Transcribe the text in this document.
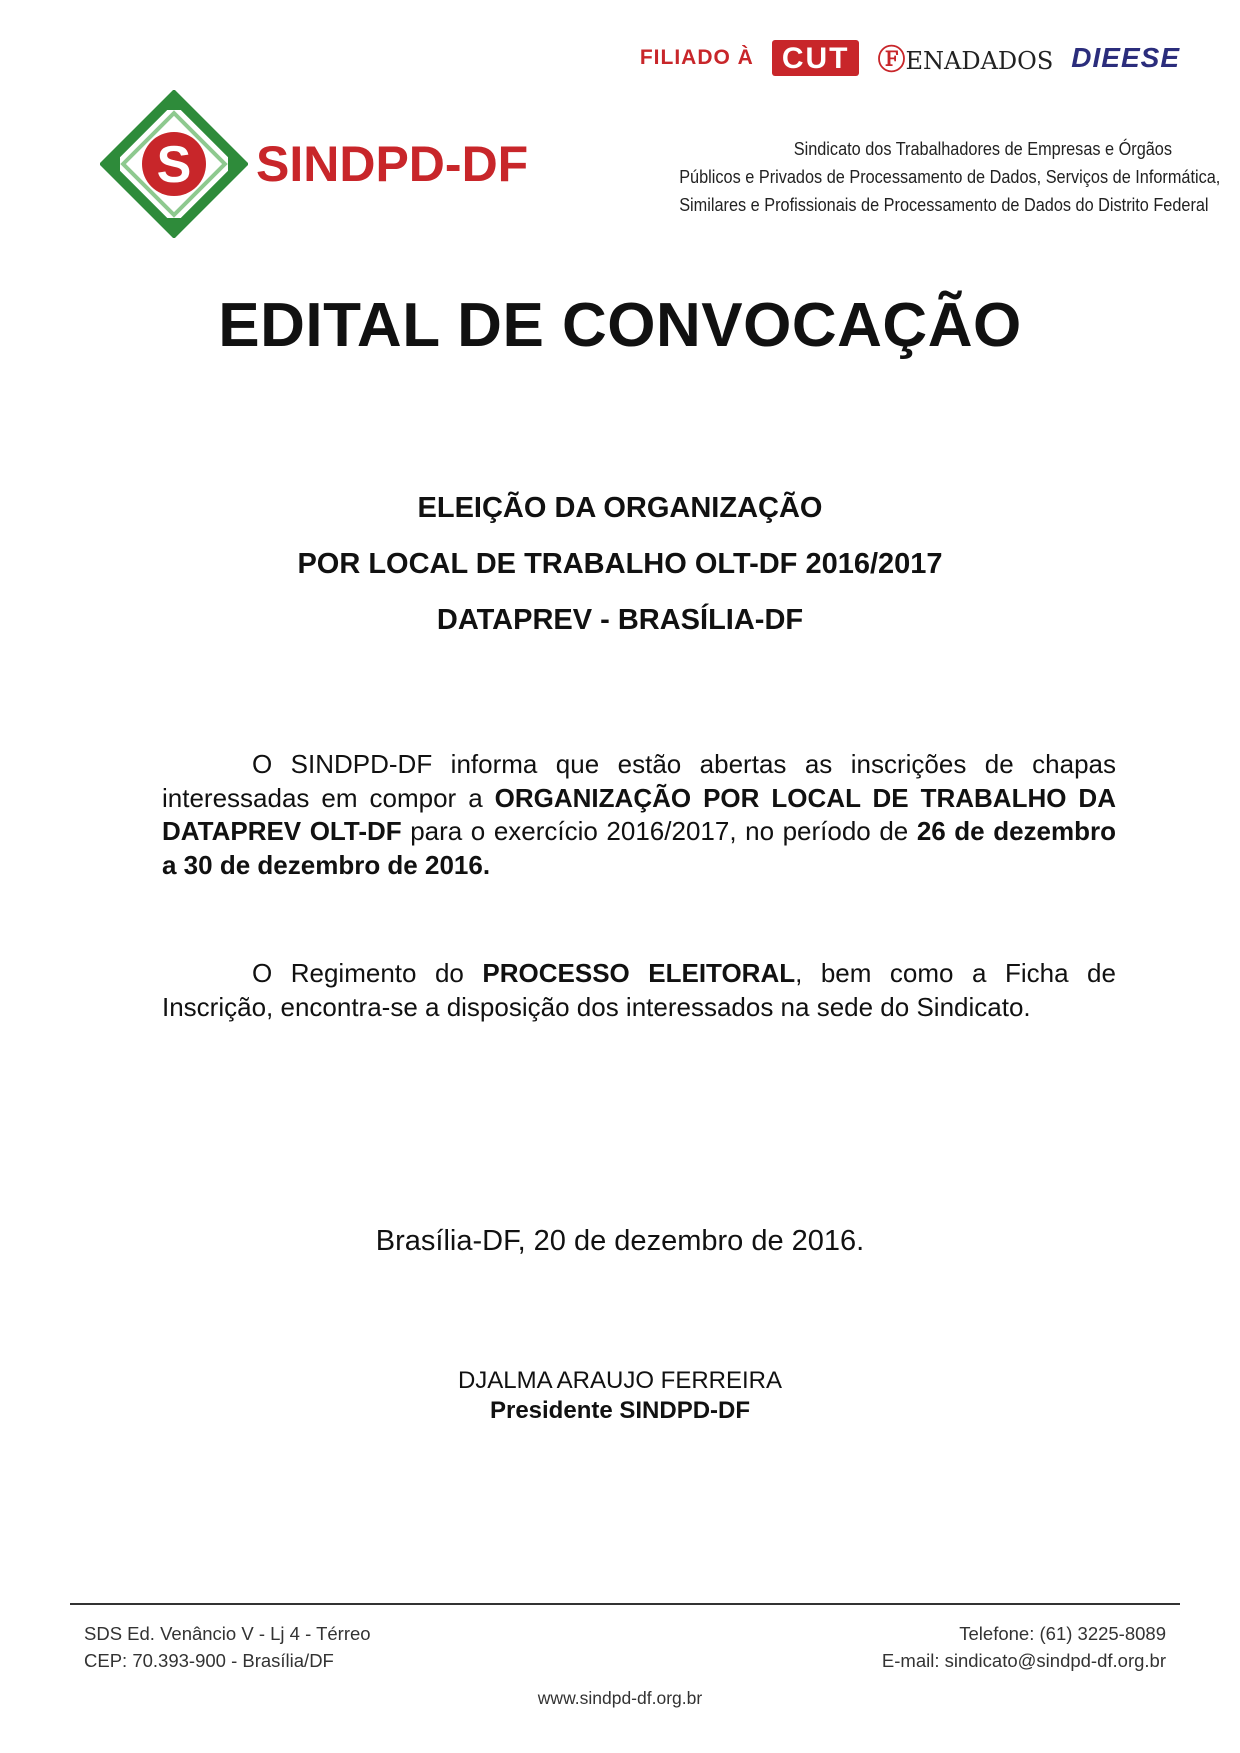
FILIADO À CUT	ⒻENADADOS DIEESE
S SINDPD-DF	Sindicato dos Trabalhadores de Empresas e Órgãos
Públicos e Privados de Processamento de Dados, Serviços de Informática,
Similares e Profissionais de Processamento de Dados do Distrito Federal
EDITAL DE CONVOCAÇÃO
ELEIÇÃO DA ORGANIZAÇÃO
POR LOCAL DE TRABALHO OLT-DF 2016/2017
DATAPREV - BRASÍLIA-DF

O SINDPD-DF informa que estão abertas as inscrições de chapas interessadas em compor a ORGANIZAÇÃO POR LOCAL DE TRABALHO DA DATAPREV OLT-DF para o exercício 2016/2017, no período de 26 de dezembro a 30 de dezembro de 2016.

O Regimento do PROCESSO ELEITORAL, bem como a Ficha de Inscrição, encontra-se a disposição dos interessados na sede do Sindicato.

Brasília-DF, 20 de dezembro de 2016.
DJALMA ARAUJO FERREIRA
Presidente SINDPD-DF
SDS Ed. Venâncio V - Lj 4 - Térreo
CEP: 70.393-900 - Brasília/DF
Telefone: (61) 3225-8089
E-mail: sindicato@sindpd-df.org.br
www.sindpd-df.org.br
